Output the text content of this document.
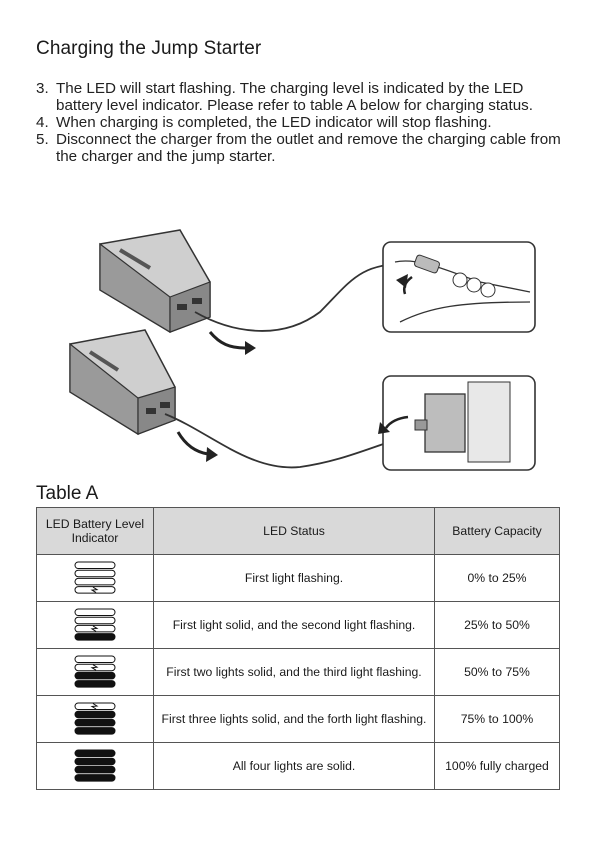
Charging the Jump Starter
3. The LED will start flashing. The charging level is indicated by the LED battery level indicator. Please refer to table A below for charging status.
4. When charging is completed, the LED indicator will stop flashing.
5. Disconnect the charger from the outlet and remove the charging cable from the charger and the jump starter.
Table A
LED Battery Level Indicator	LED Status	Battery Capacity

	First light flashing.	0% to 25%

	First light solid, and the second light flashing.	25% to 50%

	First two lights solid, and the third light flashing.	50% to 75%

	First three lights solid, and the forth light flashing.	75% to 100%

	All four lights are solid.	100% fully charged
